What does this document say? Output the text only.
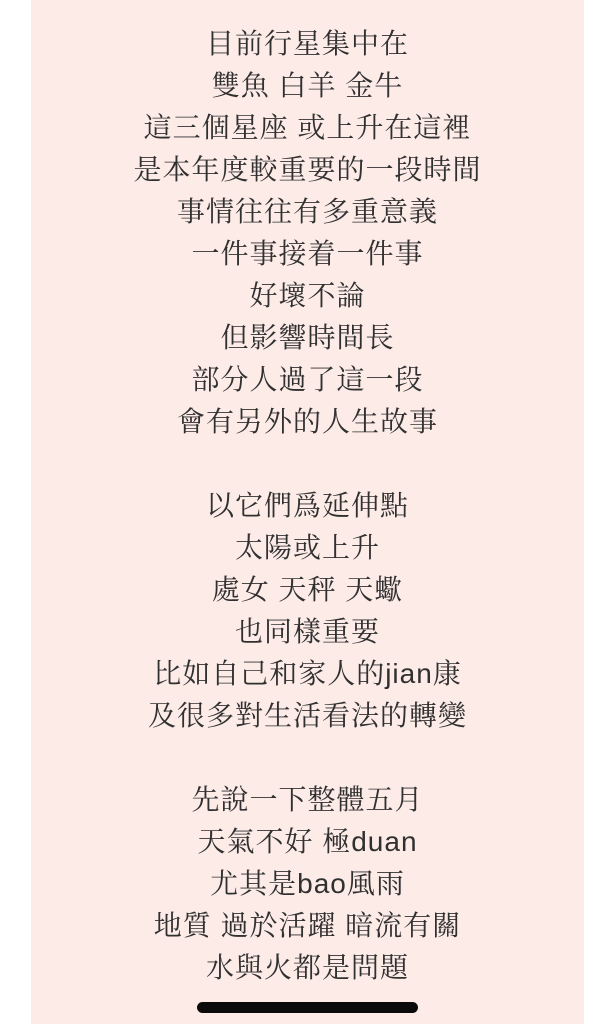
目前行星集中在
雙魚 白羊 金牛
這三個星座 或上升在這裡
是本年度較重要的一段時間
事情往往有多重意義
一件事接着一件事
好壞不論
但影響時間長
部分人過了這一段
會有另外的人生故事
以它們爲延伸點
太陽或上升
處女 天秤 天蠍
也同樣重要
比如自己和家人的jian康
及很多對生活看法的轉變
先說一下整體五月
天氣不好 極duan
尤其是bao風雨
地質 過於活躍 暗流有關
水與火都是問題
